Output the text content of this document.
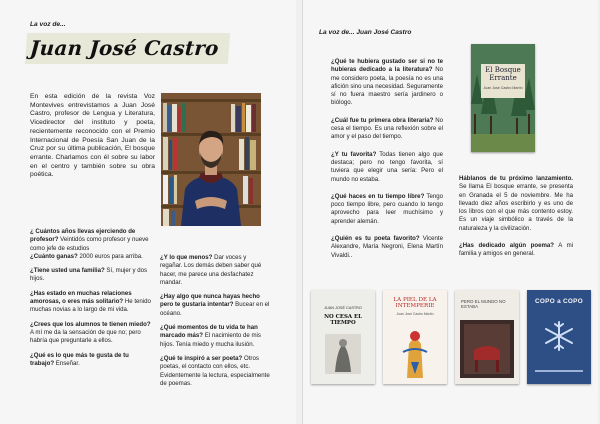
La voz de...
Juan José Castro
En esta edición de la revista Voz Montevives entrevistamos a Juan José Castro, profesor de Lengua y Literatura, Vicedirector del instituto y poeta, recientemente reconocido con el Premio Internacional de Poesía San Juan de la Cruz por su última publicación, El bosque errante. Charlamos con él sobre su labor en el centro y también sobre su obra poética.

¿ Cuántos años llevas ejerciendo de profesor? Veintidós como profesor y nueve como jefe de estudios

¿Cuánto ganas? 2000 euros para arriba.

¿Tiene usted una familia? Sí, mujer y dos hijos.

¿Has estado en muchas relaciones amorosas, o eres más solitario? He tenido muchas novias a lo largo de mi vida.

¿Crees que los alumnos te tienen miedo? A mí me da la sensación de que no; pero habría que preguntarle a ellos.

¿Qué es lo que más te gusta de tu trabajo? Enseñar.

¿Y lo que menos? Dar voces y regañar. Los demás deben saber qué hacer, me parece una desfachatez mandar.

¿Hay algo que nunca hayas hecho pero te gustaría intentar? Bucear en el océano.

¿Qué momentos de tu vida te han marcado más? El nacimiento de mis hijos. Tenía miedo y mucha ilusión.

¿Qué te inspiró a ser poeta? Otros poetas, el contacto con ellos, etc. Evidentemente la lectura, especialmente de poemas.

La voz de... Juan José Castro

¿Qué te hubiera gustado ser si no te hubieras dedicado a la literatura? No me considero poeta, la poesía no es una afición sino una necesidad. Seguramente sí no fuera maestro sería jardinero o biólogo.

¿Cuál fue tu primera obra literaria? No cesa el tiempo. Es una reflexión sobre el amor y el paso del tiempo.

¿Y tu favorita? Todas tienen algo que destaca; pero no tengo favorita, sí tuviera que elegir una sería: Pero el mundo no estaba.

¿Qué haces en tu tiempo libre? Tengo poco tiempo libre, pero cuando lo tengo aprovecho para leer muchísimo y aprender alemán.

¿Quién es tu poeta favorito? Vicente Alexandre, María Negroni, Elena Martín Vivaldi..

El Bosque Errante
Juan José Castro Martín

Háblanos de tu próximo lanzamiento. Se llama El bosque errante, se presenta en Granada el 5 de noviembre. Me ha llevado diez años escribirlo y es uno de los libros con el que más contento estoy. Es un viaje simbólico a través de la naturaleza y la civilización.

¿Has dedicado algún poema? A mi familia y amigos en general.

JUAN JOSÉ CASTRO
NO CESA EL TIEMPO
LA PIEL DE LA INTEMPERIE
Juan José Castro Martín
PERO EL MUNDO NO ESTABA
COPO a COPO
